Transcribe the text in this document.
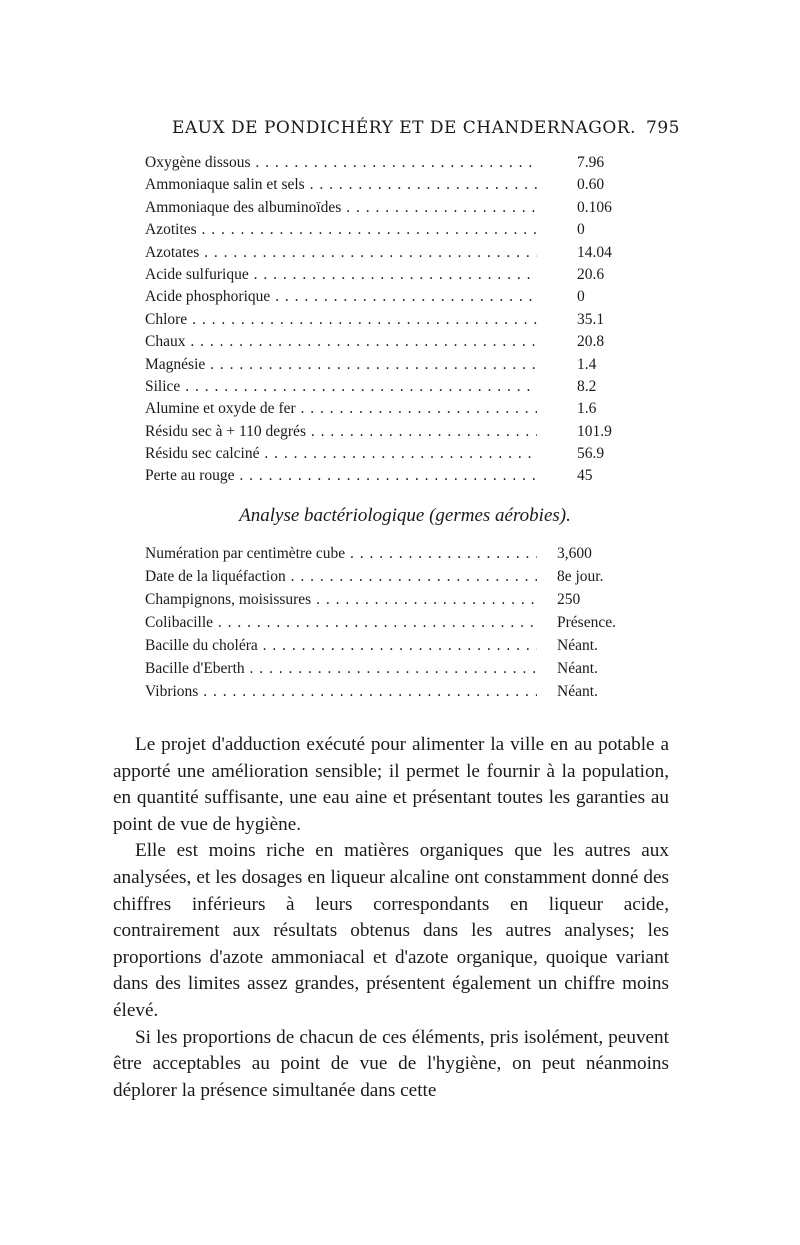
EAUX DE PONDICHÉRY ET DE CHANDERNAGOR. 795
Oxygène dissous . . .	7.96
Ammoniaque salin et sels . . .	0.60
Ammoniaque des albuminoïdes . . .	0.106
Azotites . . .	0
Azotates . . .	14.04
Acide sulfurique . . .	20.6
Acide phosphorique . . .	0
Chlore . . .	35.1
Chaux . . .	20.8
Magnésie . . .	1.4
Silice . . .	8.2
Alumine et oxyde de fer . . .	1.6
Résidu sec à + 110 degrés . . .	101.9
Résidu sec calciné . . .	56.9
Perte au rouge . . .	45
Analyse bactériologique (germes aérobies).
Numération par centimètre cube . . .	3,600
Date de la liquéfaction . . .	8e jour.
Champignons, moisissures . . .	250
Colibacille . . .	Présence.
Bacille du choléra . . .	Néant.
Bacille d'Eberth . . .	Néant.
Vibrions . . .	Néant.

Le projet d'adduction exécuté pour alimenter la ville en au potable a apporté une amélioration sensible; il permet le fournir à la population, en quantité suffisante, une eau aine et présentant toutes les garanties au point de vue de hygiène.

Elle est moins riche en matières organiques que les autres aux analysées, et les dosages en liqueur alcaline ont constamment donné des chiffres inférieurs à leurs correspondants en liqueur acide, contrairement aux résultats obtenus dans les autres analyses; les proportions d'azote ammoniacal et d'azote organique, quoique variant dans des limites assez grandes, présentent également un chiffre moins élevé.

Si les proportions de chacun de ces éléments, pris isolément, peuvent être acceptables au point de vue de l'hygiène, on peut néanmoins déplorer la présence simultanée dans cette
